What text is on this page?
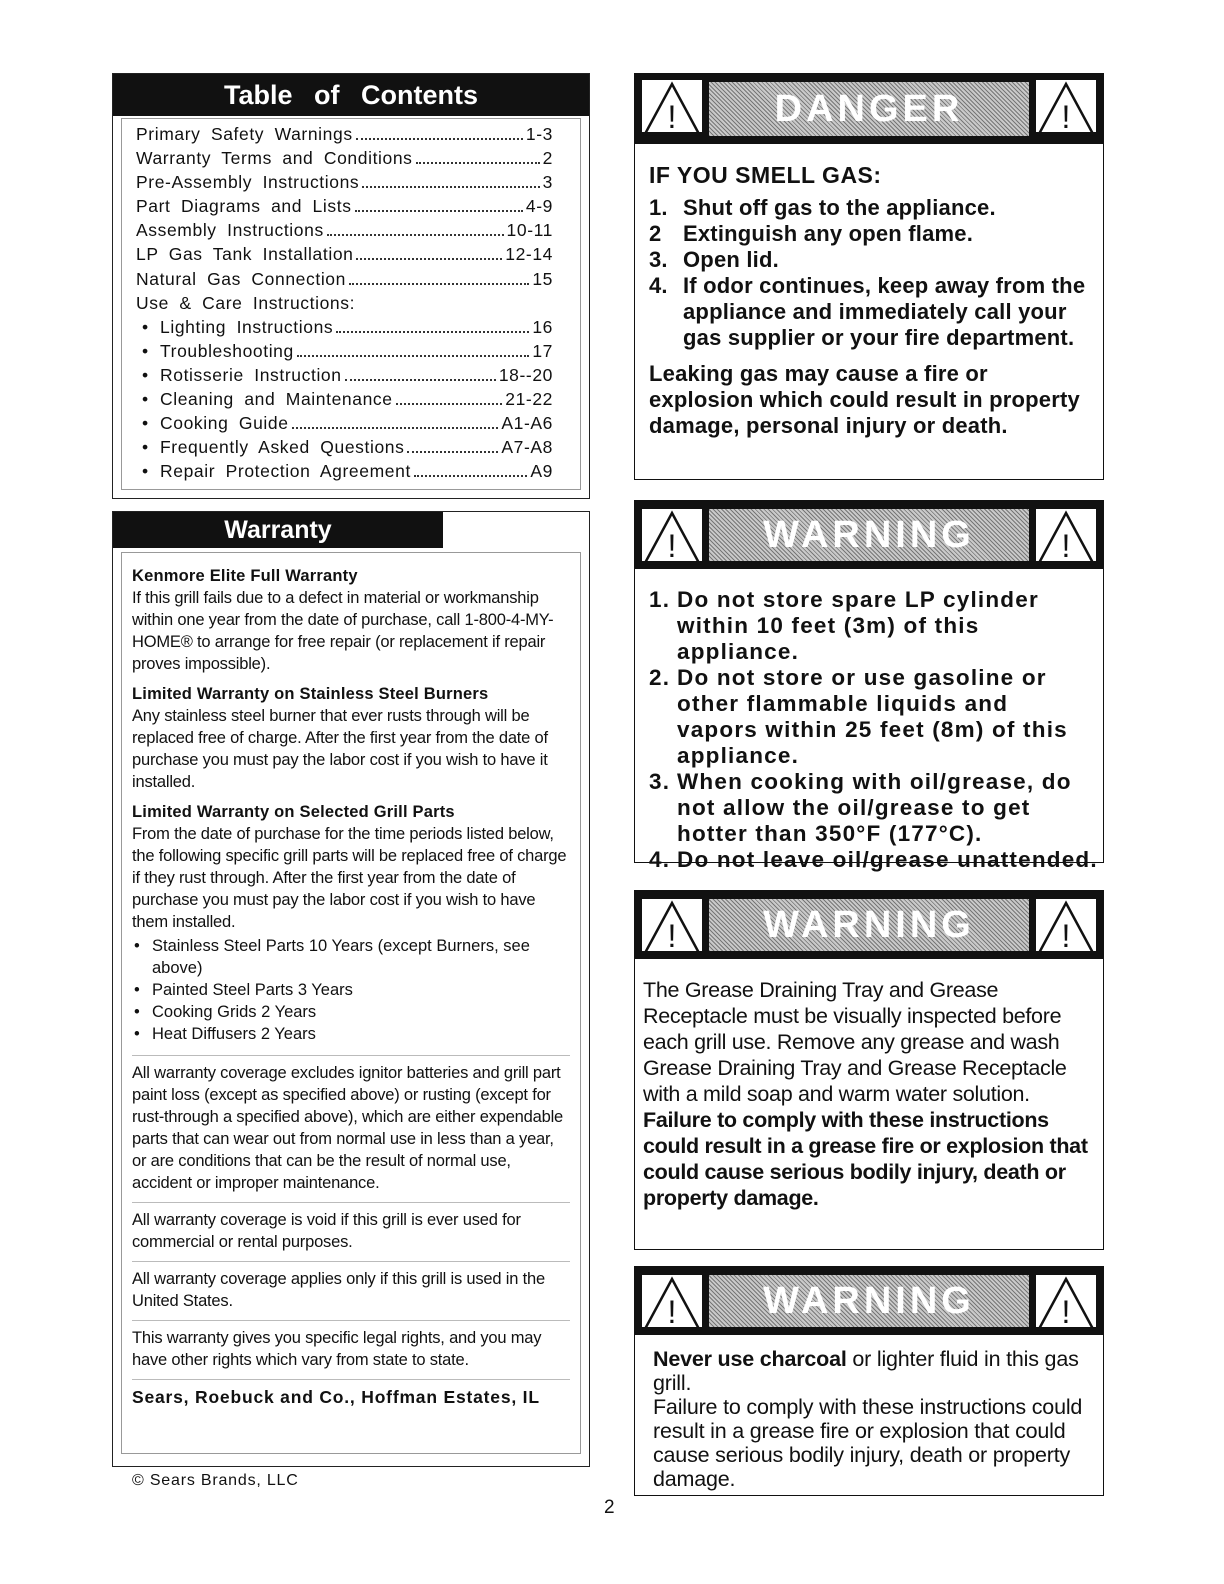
Table of Contents
Primary Safety Warnings	1-3
Warranty Terms and Conditions	2
Pre-Assembly Instructions	3
Part Diagrams and Lists	4-9
Assembly Instructions	10-11
LP Gas Tank Installation	12-14
Natural Gas Connection	15
Use & Care Instructions:
• Lighting Instructions	16
• Troubleshooting	17
• Rotisserie Instruction	18--20
• Cleaning and Maintenance	21-22
• Cooking Guide	A1-A6
• Frequently Asked Questions	A7-A8
• Repair Protection Agreement	A9
Warranty

Kenmore Elite Full Warranty

If this grill fails due to a defect in material or workmanship within one year from the date of purchase, call 1-800-4-MY-HOME® to arrange for free repair (or replacement if repair proves impossible).

Limited Warranty on Stainless Steel Burners

Any stainless steel burner that ever rusts through will be replaced free of charge. After the first year from the date of purchase you must pay the labor cost if you wish to have it installed.

Limited Warranty on Selected Grill Parts

From the date of purchase for the time periods listed below, the following specific grill parts will be replaced free of charge if they rust through. After the first year from the date of purchase you must pay the labor cost if you wish to have them installed.

• Stainless Steel Parts 10 Years (except Burners, see above)
• Painted Steel Parts 3 Years
• Cooking Grids 2 Years
• Heat Diffusers 2 Years

All warranty coverage excludes ignitor batteries and grill part paint loss (except as specified above) or rusting (except for rust-through a specified above), which are either expendable parts that can wear out from normal use in less than a year, or are conditions that can be the result of normal use, accident or improper maintenance.

All warranty coverage is void if this grill is ever used for commercial or rental purposes.

All warranty coverage applies only if this grill is used in the United States.

This warranty gives you specific legal rights, and you may have other rights which vary from state to state.

Sears, Roebuck and Co., Hoffman Estates, IL

© Sears Brands, LLC
2
!	DANGER	!
IF YOU SMELL GAS:
1. Shut off gas to the appliance.
2 Extinguish any open flame.
3. Open lid.
4. If odor continues, keep away from the appliance and immediately call your gas supplier or your fire department.
Leaking gas may cause a fire or explosion which could result in property damage, personal injury or death.
!	WARNING	!
1. Do not store spare LP cylinder within 10 feet (3m) of this appliance.
2. Do not store or use gasoline or other flammable liquids and vapors within 25 feet (8m) of this appliance.
3. When cooking with oil/grease, do not allow the oil/grease to get hotter than 350°F (177°C).
4. Do not leave oil/grease unattended.
!	WARNING	!
The Grease Draining Tray and Grease Receptacle must be visually inspected before each grill use. Remove any grease and wash Grease Draining Tray and Grease Receptacle with a mild soap and warm water solution. Failure to comply with these instructions could result in a grease fire or explosion that could cause serious bodily injury, death or property damage.
!	WARNING	!
Never use charcoal or lighter fluid in this gas grill.
Failure to comply with these instructions could result in a grease fire or explosion that could cause serious bodily injury, death or property damage.
